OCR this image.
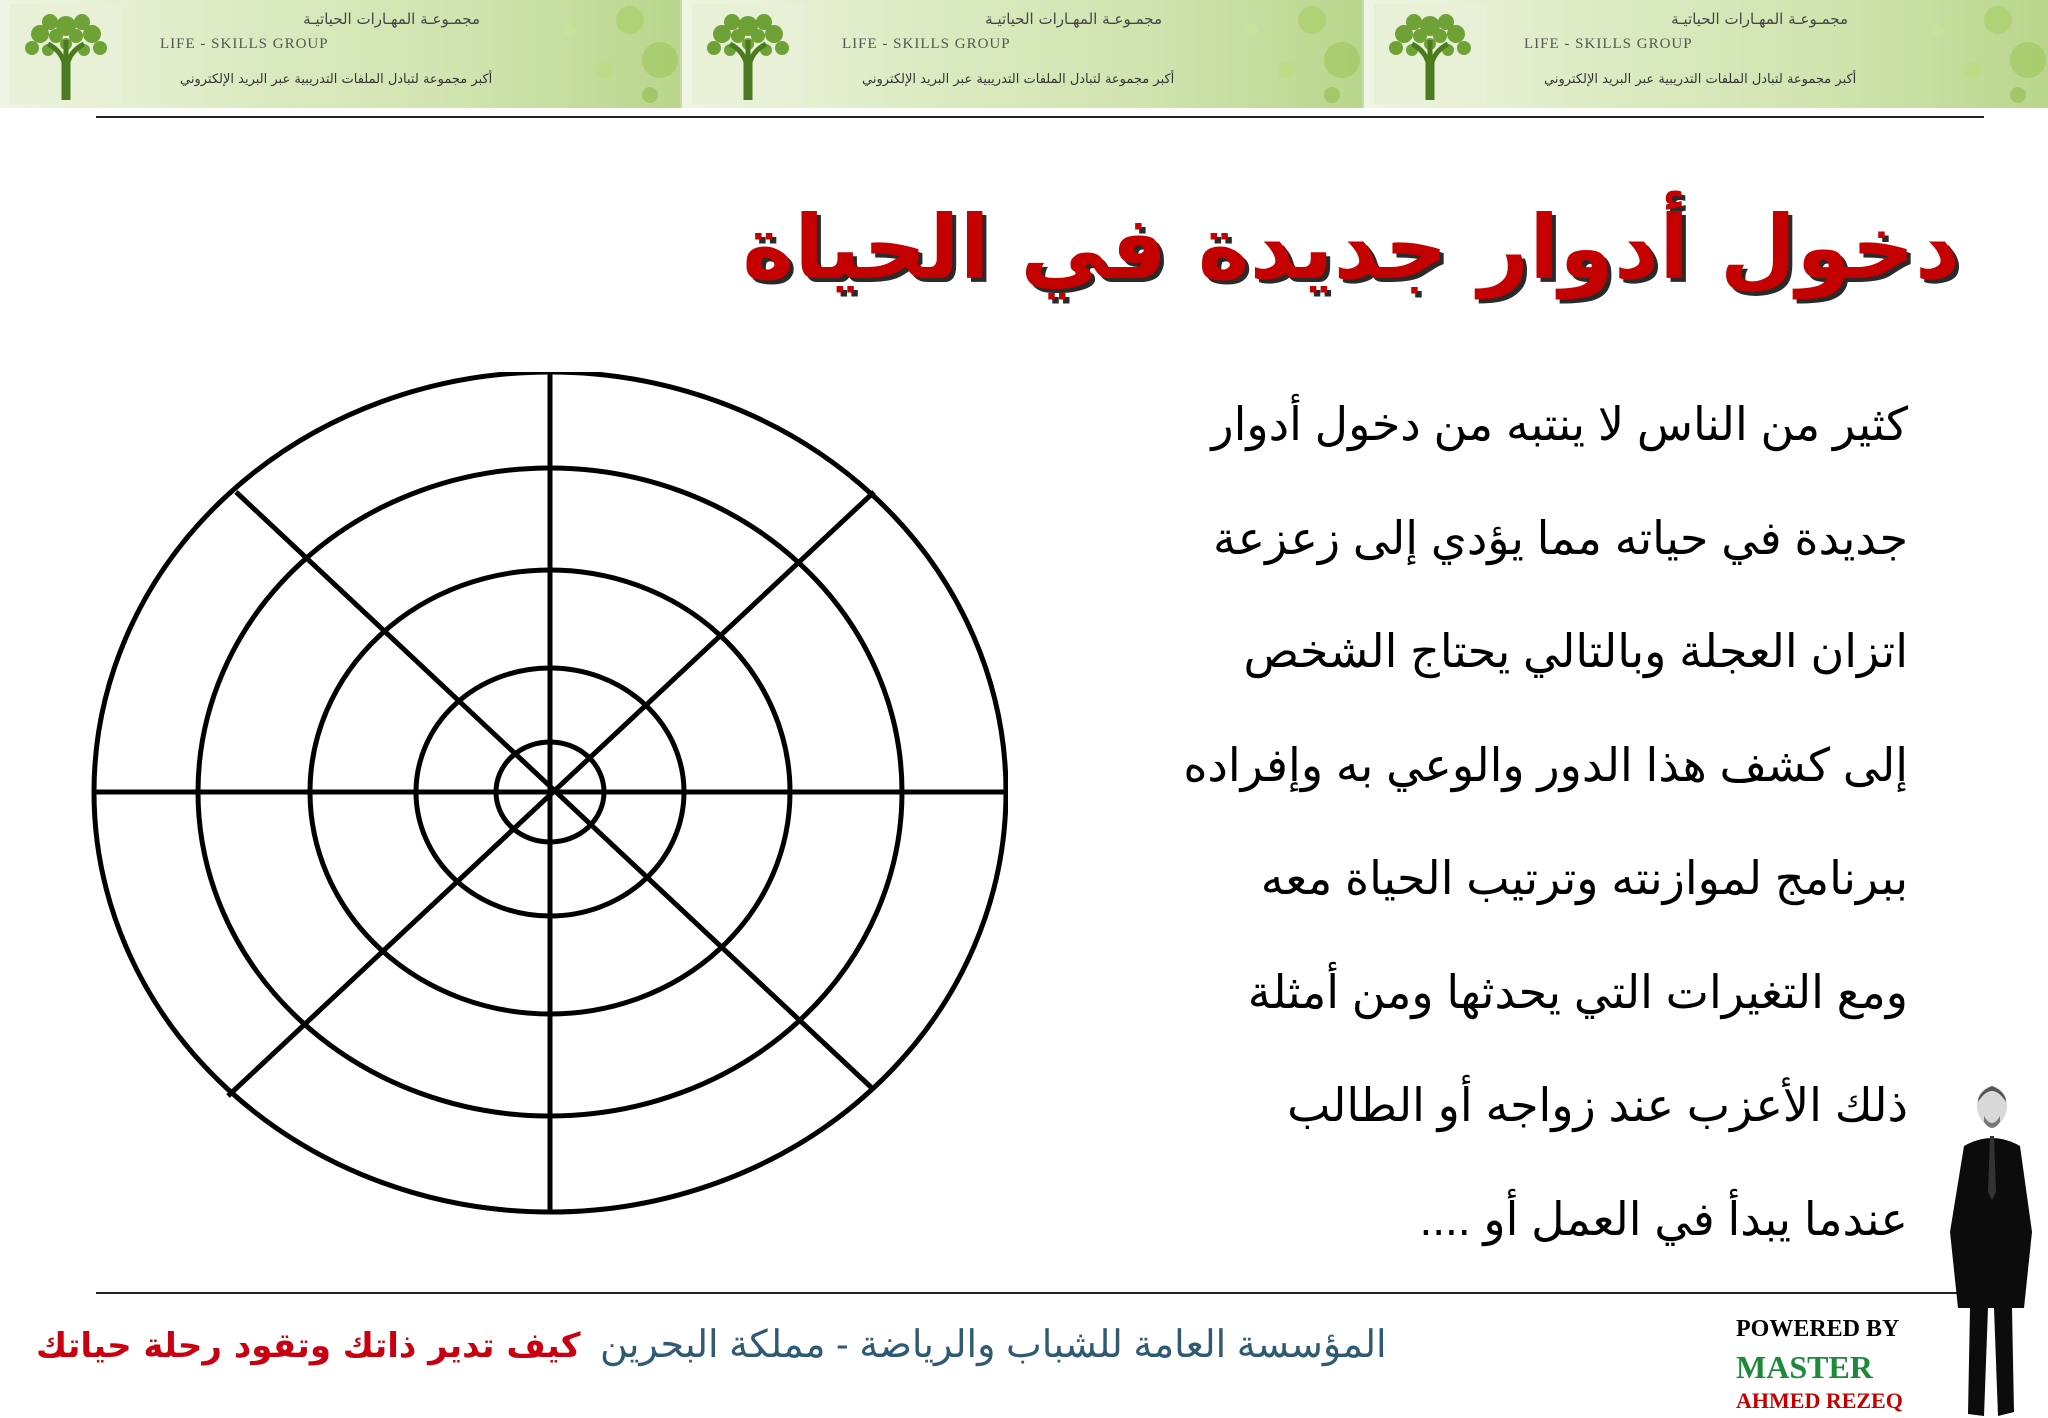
مجمـوعـة المهـارات الحياتيـة
LIFE - SKILLS GROUP
أكبر مجموعة لتبادل الملفات التدريبية عبر البريد الإلكتروني
مجمـوعـة المهـارات الحياتيـة
LIFE - SKILLS GROUP
أكبر مجموعة لتبادل الملفات التدريبية عبر البريد الإلكتروني
مجمـوعـة المهـارات الحياتيـة
LIFE - SKILLS GROUP
أكبر مجموعة لتبادل الملفات التدريبية عبر البريد الإلكتروني
دخول أدوار جديدة في الحياة

كثير من الناس لا ينتبه من دخول أدوار

جديدة في حياته مما يؤدي إلى زعزعة

اتزان العجلة وبالتالي يحتاج الشخص

إلى كشف هذا الدور والوعي به وإفراده

ببرنامج لموازنته وترتيب الحياة معه

ومع التغيرات التي يحدثها ومن أمثلة

ذلك الأعزب عند زواجه أو الطالب

عندما يبدأ في العمل أو ....

كيف تدير ذاتك وتقود رحلة حياتك المؤسسة العامة للشباب والرياضة - مملكة البحرين	POWERED BY
MASTER
AHMED REZEQ
